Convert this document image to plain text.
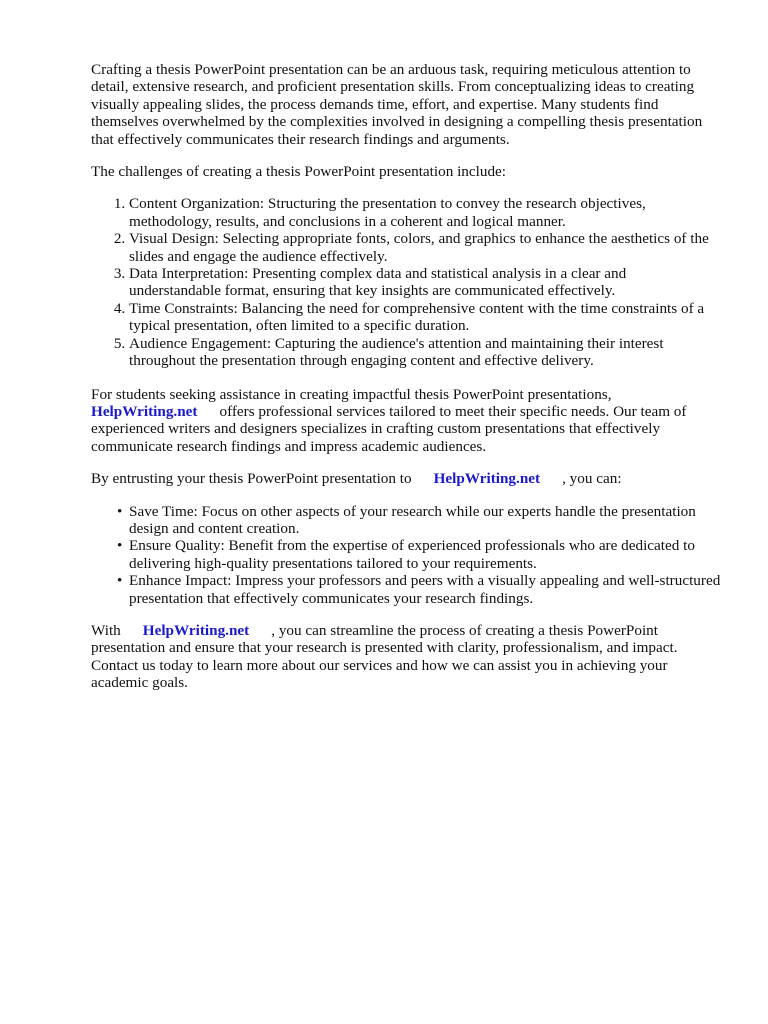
Crafting a thesis PowerPoint presentation can be an arduous task, requiring meticulous attention to detail, extensive research, and proficient presentation skills. From conceptualizing ideas to creating visually appealing slides, the process demands time, effort, and expertise. Many students find themselves overwhelmed by the complexities involved in designing a compelling thesis presentation that effectively communicates their research findings and arguments.

The challenges of creating a thesis PowerPoint presentation include:

1. Content Organization: Structuring the presentation to convey the research objectives, methodology, results, and conclusions in a coherent and logical manner.
2. Visual Design: Selecting appropriate fonts, colors, and graphics to enhance the aesthetics of the slides and engage the audience effectively.
3. Data Interpretation: Presenting complex data and statistical analysis in a clear and understandable format, ensuring that key insights are communicated effectively.
4. Time Constraints: Balancing the need for comprehensive content with the time constraints of a typical presentation, often limited to a specific duration.
5. Audience Engagement: Capturing the audience's attention and maintaining their interest throughout the presentation through engaging content and effective delivery.

For students seeking assistance in creating impactful thesis PowerPoint presentations,
HelpWriting.net offers professional services tailored to meet their specific needs. Our team of experienced writers and designers specializes in crafting custom presentations that effectively communicate research findings and impress academic audiences.

By entrusting your thesis PowerPoint presentation to HelpWriting.net , you can:

• Save Time: Focus on other aspects of your research while our experts handle the presentation design and content creation.
• Ensure Quality: Benefit from the expertise of experienced professionals who are dedicated to delivering high-quality presentations tailored to your requirements.
• Enhance Impact: Impress your professors and peers with a visually appealing and well-structured presentation that effectively communicates your research findings.

With HelpWriting.net , you can streamline the process of creating a thesis PowerPoint presentation and ensure that your research is presented with clarity, professionalism, and impact. Contact us today to learn more about our services and how we can assist you in achieving your academic goals.
